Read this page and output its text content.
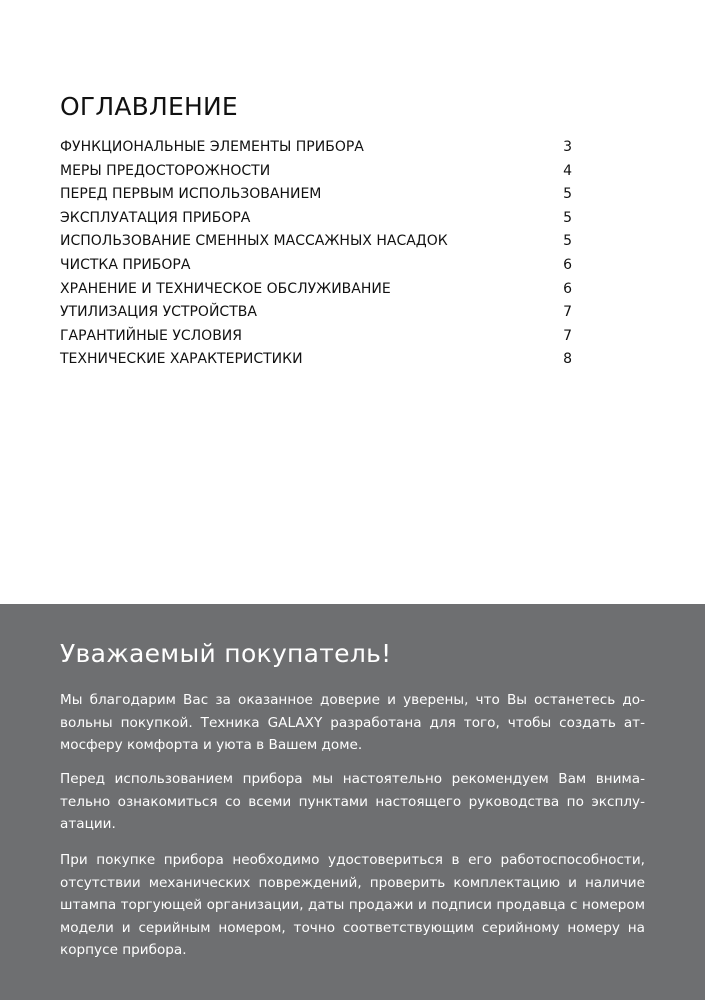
ОГЛАВЛЕНИЕ
ФУНКЦИОНАЛЬНЫЕ ЭЛЕМЕНТЫ ПРИБОРА	3
МЕРЫ ПРЕДОСТОРОЖНОСТИ	4
ПЕРЕД ПЕРВЫМ ИСПОЛЬЗОВАНИЕМ	5
ЭКСПЛУАТАЦИЯ ПРИБОРА	5
ИСПОЛЬЗОВАНИЕ СМЕННЫХ МАССАЖНЫХ НАСАДОК	5
ЧИСТКА ПРИБОРА	6
ХРАНЕНИЕ И ТЕХНИЧЕСКОЕ ОБСЛУЖИВАНИЕ	6
УТИЛИЗАЦИЯ УСТРОЙСТВА	7
ГАРАНТИЙНЫЕ УСЛОВИЯ	7
ТЕХНИЧЕСКИЕ ХАРАКТЕРИСТИКИ	8
Уважаемый покупатель!

Мы благодарим Вас за оказанное доверие и уверены, что Вы останетесь довольны покупкой. Техника GALAXY разработана для того, чтобы создать атмосферу комфорта и уюта в Вашем доме.

Перед использованием прибора мы настоятельно рекомендуем Вам внимательно ознакомиться со всеми пунктами настоящего руководства по эксплуатации.

При покупке прибора необходимо удостовериться в его работоспособности, отсутствии механических повреждений, проверить комплектацию и наличие штампа торгующей организации, даты продажи и подписи продавца с номером модели и серийным номером, точно соответствующим серийному номеру на корпусе прибора.
